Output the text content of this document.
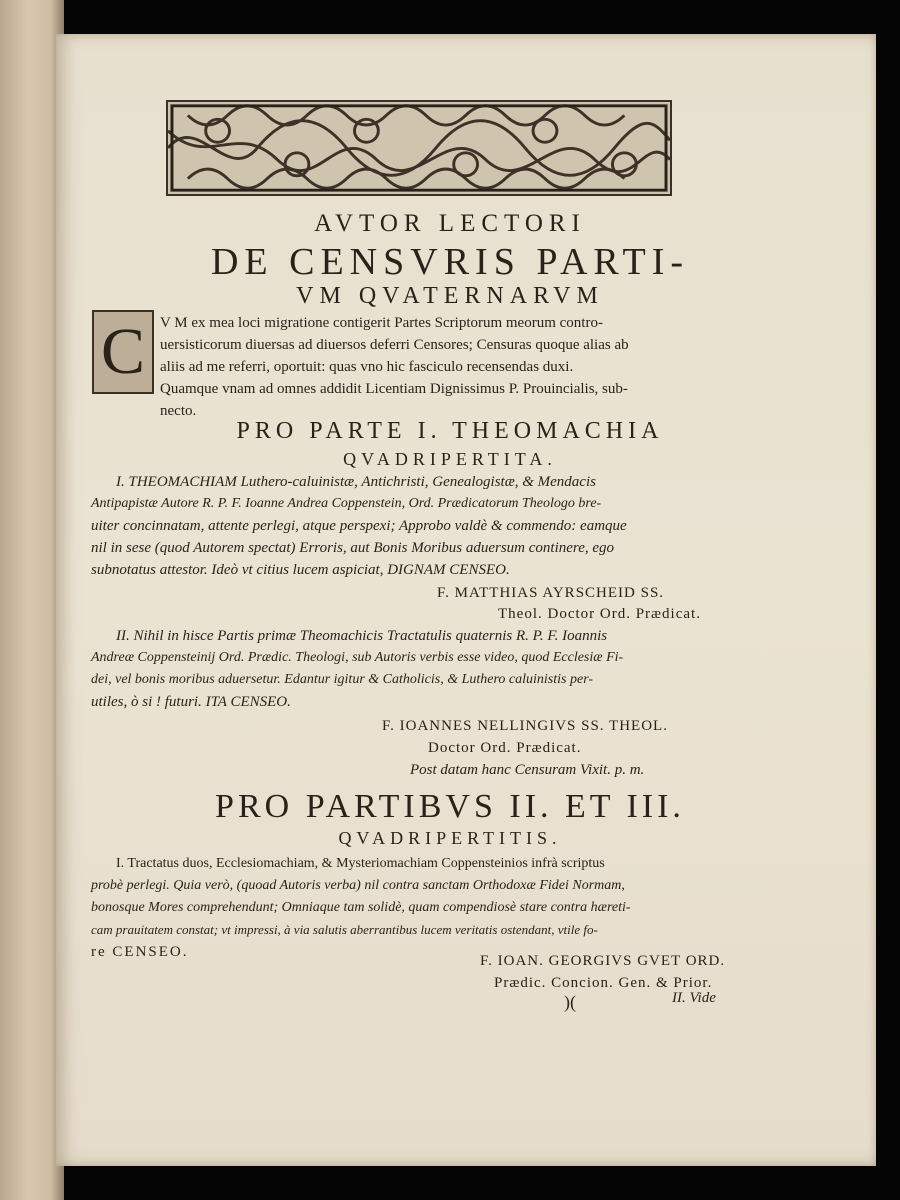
AVTOR LECTORI
DE CENSVRIS PARTI-
VM QVATERNARVM
C V M ex mea loci migratione contigerit Partes Scriptorum meorum contro-
uersisticorum diuersas ad diuersos deferri Censores; Censuras quoque alias ab
aliis ad me referri, oportuit: quas vno hic fasciculo recensendas duxi.
Quamque vnam ad omnes addidit Licentiam Dignissimus P. Prouincialis, sub-
necto.
PRO PARTE I. THEOMACHIA
QVADRIPERTITA.
I. THEOMACHIAM Luthero-caluinistæ, Antichristi, Genealogistæ, & Mendacis
Antipapistæ Autore R. P. F. Ioanne Andrea Coppenstein, Ord. Prædicatorum Theologo bre-
uiter concinnatam, attente perlegi, atque perspexi; Approbo valdè & commendo: eamque
nil in sese (quod Autorem spectat) Erroris, aut Bonis Moribus aduersum continere, ego
subnotatus attestor. Ideò vt citius lucem aspiciat, DIGNAM CENSEO.
F. MATTHIAS AYRSCHEID SS.
Theol. Doctor Ord. Prædicat.
II. Nihil in hisce Partis primæ Theomachicis Tractatulis quaternis R. P. F. Ioannis
Andreæ Coppensteinij Ord. Prædic. Theologi, sub Autoris verbis esse video, quod Ecclesiæ Fi-
dei, vel bonis moribus aduersetur. Edantur igitur & Catholicis, & Luthero caluinistis per-
utiles, ò si ! futuri. ITA CENSEO.
F. IOANNES NELLINGIVS SS. THEOL.
Doctor Ord. Prædicat.
Post datam hanc Censuram Vixit. p. m.
PRO PARTIBVS II. ET III.
QVADRIPERTITIS.
I. Tractatus duos, Ecclesiomachiam, & Mysteriomachiam Coppensteinios infrà scriptus
probè perlegi. Quia verò, (quoad Autoris verba) nil contra sanctam Orthodoxæ Fidei Normam,
bonosque Mores comprehendunt; Omniaque tam solidè, quam compendiosè stare contra hæreti-
cam prauitatem constat; vt impressi, à via salutis aberrantibus lucem veritatis ostendant, vtile fo-
re CENSEO.
F. IOAN. GEORGIVS GVET ORD.
Prædic. Concion. Gen. & Prior.
)(	II. Vide
